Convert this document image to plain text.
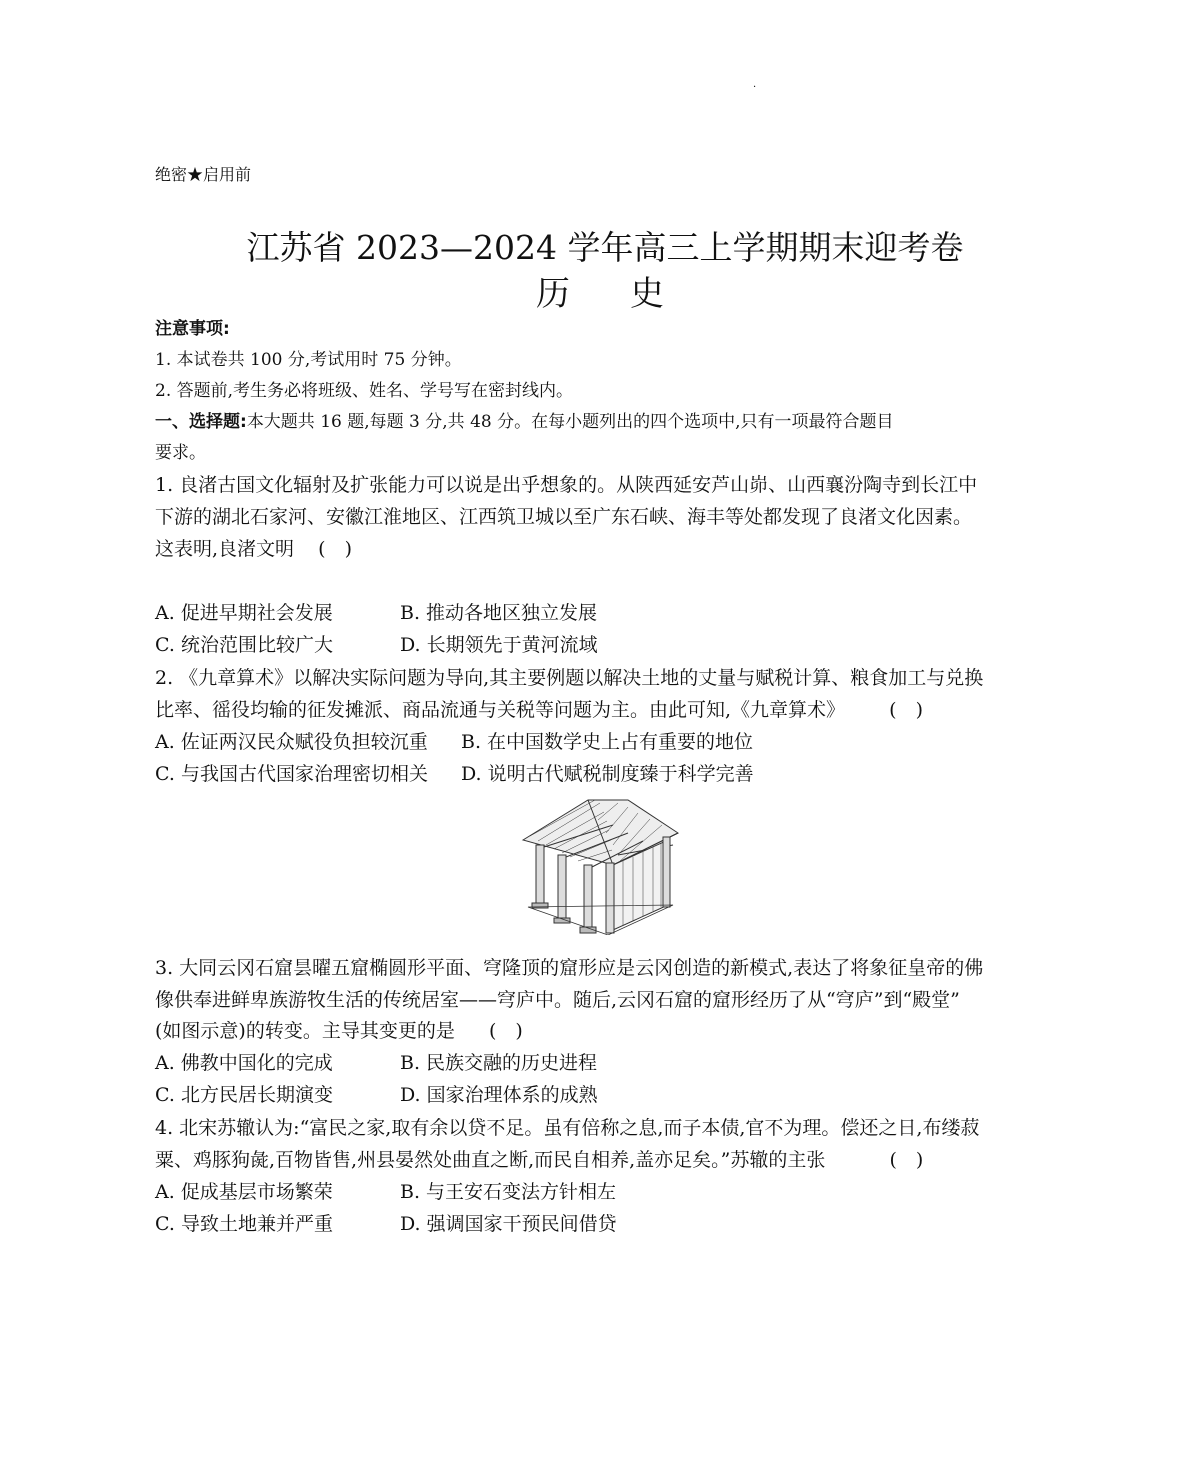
·
绝密★启用前
江苏省 2023—2024 学年高三上学期期末迎考卷
历史
注意事项:
1. 本试卷共 100 分,考试用时 75 分钟。
2. 答题前,考生务必将班级、姓名、学号写在密封线内。
一、选择题:本大题共 16 题,每题 3 分,共 48 分。在每小题列出的四个选项中,只有一项最符合题目
要求。
1. 良渚古国文化辐射及扩张能力可以说是出乎想象的。从陕西延安芦山峁、山西襄汾陶寺到长江中
下游的湖北石家河、安徽江淮地区、江西筑卫城以至广东石峡、海丰等处都发现了良渚文化因素。
这表明,良渚文明 (　)
A. 促进早期社会发展	B. 推动各地区独立发展
C. 统治范围比较广大	D. 长期领先于黄河流域
2. 《九章算术》以解决实际问题为导向,其主要例题以解决土地的丈量与赋税计算、粮食加工与兑换
比率、徭役均输的征发摊派、商品流通与关税等问题为主。由此可知,《九章算术》 (　)
A. 佐证两汉民众赋役负担较沉重 B. 在中国数学史上占有重要的地位
C. 与我国古代国家治理密切相关 D. 说明古代赋税制度臻于科学完善
3. 大同云冈石窟昙曜五窟椭圆形平面、穹隆顶的窟形应是云冈创造的新模式,表达了将象征皇帝的佛
像供奉进鲜卑族游牧生活的传统居室——穹庐中。随后,云冈石窟的窟形经历了从“穹庐”到“殿堂”
(如图示意)的转变。主导其变更的是 (　)
A. 佛教中国化的完成	B. 民族交融的历史进程
C. 北方民居长期演变	D. 国家治理体系的成熟
4. 北宋苏辙认为:“富民之家,取有余以贷不足。虽有倍称之息,而子本债,官不为理。偿还之日,布缕菽
粟、鸡豚狗彘,百物皆售,州县晏然处曲直之断,而民自相养,盖亦足矣。”苏辙的主张	(　)
A. 促成基层市场繁荣	B. 与王安石变法方针相左
C. 导致土地兼并严重	D. 强调国家干预民间借贷
